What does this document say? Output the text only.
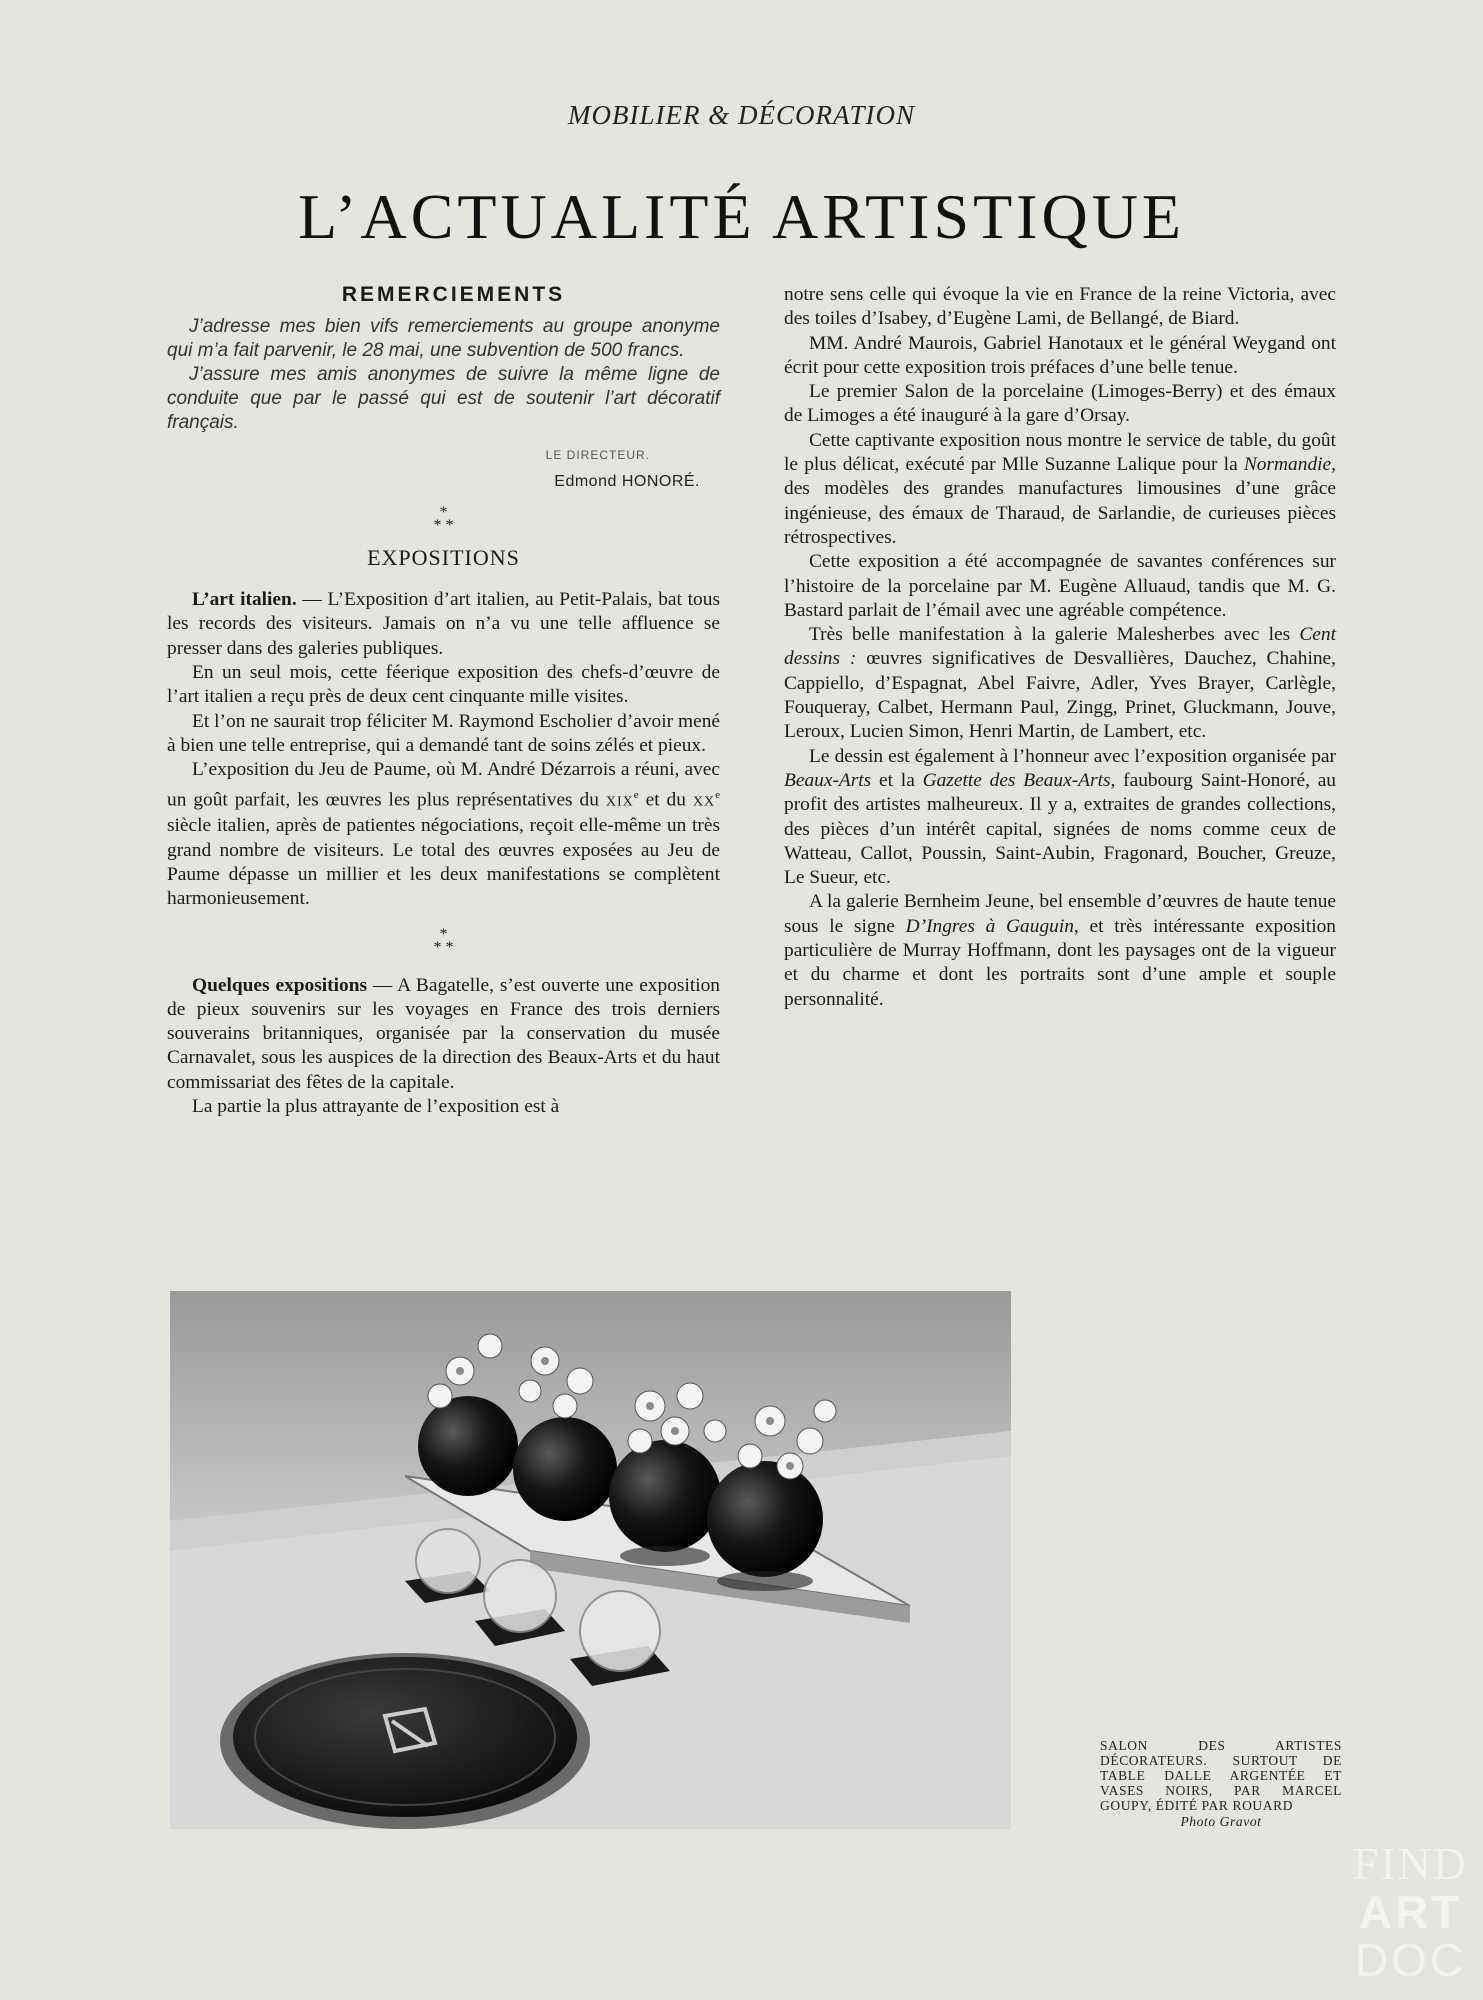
MOBILIER & DÉCORATION
L’ACTUALITÉ ARTISTIQUE
REMERCIEMENTS

J’adresse mes bien vifs remerciements au groupe anonyme qui m’a fait parvenir, le 28 mai, une subvention de 500 francs.

J’assure mes amis anonymes de suivre la même ligne de conduite que par le passé qui est de soutenir l’art décoratif français.

LE DIRECTEUR.
Edmond HONORÉ.
*
* *
EXPOSITIONS

L’art italien. — L’Exposition d’art italien, au Petit-Palais, bat tous les records des visiteurs. Jamais on n’a vu une telle affluence se presser dans des galeries publiques.

En un seul mois, cette féerique exposition des chefs-d’œuvre de l’art italien a reçu près de deux cent cinquante mille visites.

Et l’on ne saurait trop féliciter M. Raymond Escholier d’avoir mené à bien une telle entreprise, qui a demandé tant de soins zélés et pieux.

L’exposition du Jeu de Paume, où M. André Dézarrois a réuni, avec un goût parfait, les œuvres les plus représentatives du XIXe et du XXe siècle italien, après de patientes négociations, reçoit elle-même un très grand nombre de visiteurs. Le total des œuvres exposées au Jeu de Paume dépasse un millier et les deux manifestations se complètent harmonieusement.

*
* *

Quelques expositions — A Bagatelle, s’est ouverte une exposition de pieux souvenirs sur les voyages en France des trois derniers souverains britanniques, organisée par la conservation du musée Carnavalet, sous les auspices de la direction des Beaux-Arts et du haut commissariat des fêtes de la capitale.

La partie la plus attrayante de l’exposition est à

notre sens celle qui évoque la vie en France de la reine Victoria, avec des toiles d’Isabey, d’Eugène Lami, de Bellangé, de Biard.

MM. André Maurois, Gabriel Hanotaux et le général Weygand ont écrit pour cette exposition trois préfaces d’une belle tenue.

Le premier Salon de la porcelaine (Limoges-Berry) et des émaux de Limoges a été inauguré à la gare d’Orsay.

Cette captivante exposition nous montre le service de table, du goût le plus délicat, exécuté par Mlle Suzanne Lalique pour la Normandie, des modèles des grandes manufactures limousines d’une grâce ingénieuse, des émaux de Tharaud, de Sarlandie, de curieuses pièces rétrospectives.

Cette exposition a été accompagnée de savantes conférences sur l’histoire de la porcelaine par M. Eugène Alluaud, tandis que M. G. Bastard parlait de l’émail avec une agréable compétence.

Très belle manifestation à la galerie Malesherbes avec les Cent dessins : œuvres significatives de Desvallières, Dauchez, Chahine, Cappiello, d’Espagnat, Abel Faivre, Adler, Yves Brayer, Carlègle, Fouqueray, Calbet, Hermann Paul, Zingg, Prinet, Gluckmann, Jouve, Leroux, Lucien Simon, Henri Martin, de Lambert, etc.

Le dessin est également à l’honneur avec l’exposition organisée par Beaux-Arts et la Gazette des Beaux-Arts, faubourg Saint-Honoré, au profit des artistes malheureux. Il y a, extraites de grandes collections, des pièces d’un intérêt capital, signées de noms comme ceux de Watteau, Callot, Poussin, Saint-Aubin, Fragonard, Boucher, Greuze, Le Sueur, etc.

A la galerie Bernheim Jeune, bel ensemble d’œuvres de haute tenue sous le signe D’Ingres à Gauguin, et très intéressante exposition particulière de Murray Hoffmann, dont les paysages ont de la vigueur et du charme et dont les portraits sont d’une ample et souple personnalité.

SALON DES ARTISTES DÉCORATEURS. SURTOUT DE TABLE DALLE ARGENTÉE ET VASES NOIRS, PAR MARCEL GOUPY, ÉDITÉ PAR ROUARD
Photo Gravot
FIND
ART
DOC
